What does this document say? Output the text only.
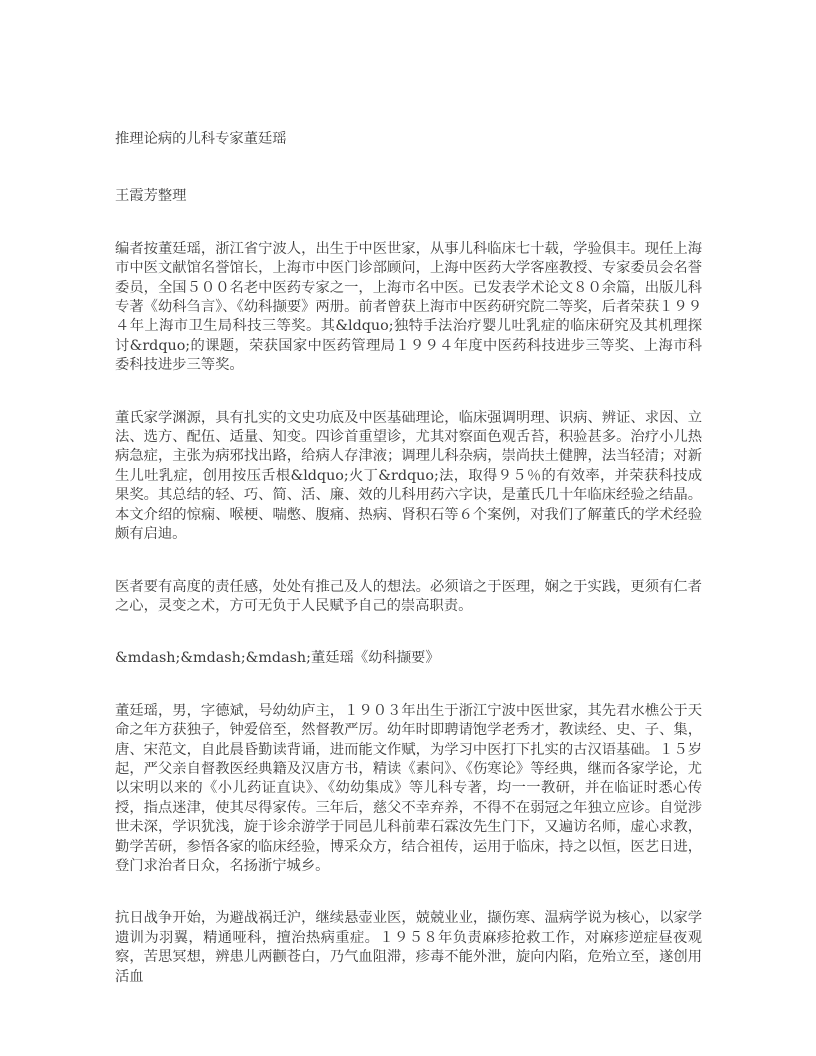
推理论病的儿科专家董廷瑶

王霞芳整理

编者按董廷瑶，浙江省宁波人，出生于中医世家，从事儿科临床七十载，学验俱丰。现任上海市中医文献馆名誉馆长，上海市中医门诊部顾问，上海中医药大学客座教授、专家委员会名誉委员，全国５００名老中医药专家之一，上海市名中医。已发表学术论文８０余篇，出版儿科专著《幼科刍言》、《幼科撷要》两册。前者曾获上海市中医药研究院二等奖，后者荣获１９９４年上海市卫生局科技三等奖。其&ldquo;独特手法治疗婴儿吐乳症的临床研究及其机理探讨&rdquo;的课题，荣获国家中医药管理局１９９４年度中医药科技进步三等奖、上海市科委科技进步三等奖。

董氏家学渊源，具有扎实的文史功底及中医基础理论，临床强调明理、识病、辨证、求因、立法、选方、配伍、适量、知变。四诊首重望诊，尤其对察面色观舌苔，积验甚多。治疗小儿热病急症，主张为病邪找出路，给病人存津液；调理儿科杂病，崇尚扶土健脾，法当轻清；对新生儿吐乳症，创用按压舌根&ldquo;火丁&rdquo;法，取得９５％的有效率，并荣获科技成果奖。其总结的轻、巧、简、活、廉、效的儿科用药六字诀，是董氏几十年临床经验之结晶。本文介绍的惊痫、喉梗、喘憋、腹痛、热病、肾积石等６个案例，对我们了解董氏的学术经验颇有启迪。

医者要有高度的责任感，处处有推己及人的想法。必须谙之于医理，娴之于实践，更须有仁者之心，灵变之术，方可无负于人民赋予自己的崇高职责。

&mdash;&mdash;&mdash;董廷瑶《幼科撷要》

董廷瑶，男，字德斌，号幼幼庐主，１９０３年出生于浙江宁波中医世家，其先君水樵公于天命之年方获独子，钟爱倍至，然督教严厉。幼年时即聘请饱学老秀才，教读经、史、子、集，唐、宋范文，自此晨昏勤读背诵，进而能文作赋，为学习中医打下扎实的古汉语基础。１５岁起，严父亲自督教医经典籍及汉唐方书，精读《素问》、《伤寒论》等经典，继而各家学论，尤以宋明以来的《小儿药证直诀》、《幼幼集成》等儿科专著，均一一教研，并在临证时悉心传授，指点迷津，使其尽得家传。三年后，慈父不幸弃养，不得不在弱冠之年独立应诊。自觉涉世未深，学识犹浅，旋于诊余游学于同邑儿科前辈石霖汝先生门下，又遍访名师，虚心求教，勤学苦研，参悟各家的临床经验，博采众方，结合祖传，运用于临床，持之以恒，医艺日进，登门求治者日众，名扬浙宁城乡。

抗日战争开始，为避战祸迁沪，继续悬壶业医，兢兢业业，撷伤寒、温病学说为核心，以家学遗训为羽翼，精通哑科，擅治热病重症。１９５８年负责麻疹抢救工作，对麻疹逆症昼夜观察，苦思冥想，辨患儿两颧苍白，乃气血阻滞，疹毒不能外泄，旋向内陷，危殆立至，遂创用活血
